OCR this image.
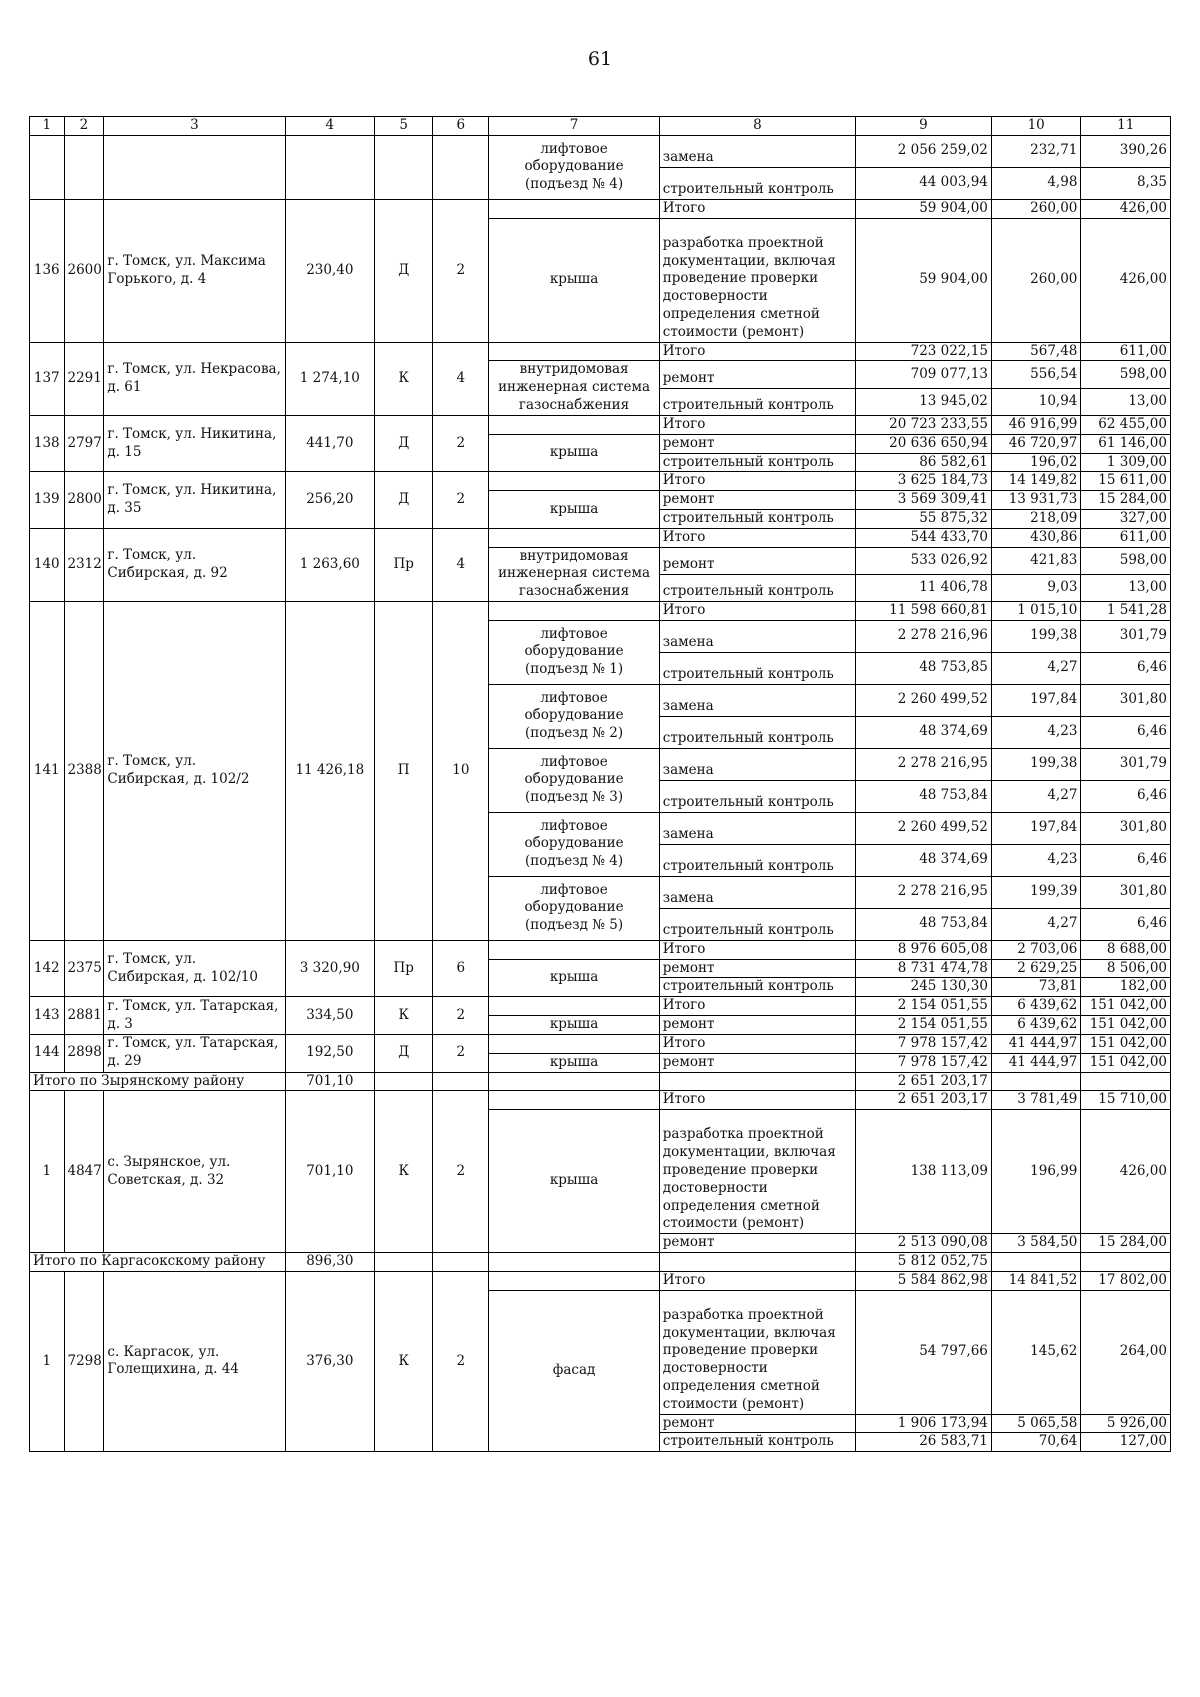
61
1	2	3	4	5	6	7	8	9	10	11
						лифтовое оборудование (подъезд № 4)	замена	2 056 259,02	232,71	390,26
							строительный контроль	44 003,94	4,98	8,35
136	2600	г. Томск, ул. Максима Горького, д. 4	230,40	Д	2		Итого	59 904,00	260,00	426,00
						крыша	разработка проектной документации, включая проведение проверки достоверности определения сметной стоимости (ремонт)	59 904,00	260,00	426,00
137	2291	г. Томск, ул. Некрасова, д. 61	1 274,10	К	4		Итого	723 022,15	567,48	611,00
						внутридомовая инженерная система газоснабжения	ремонт	709 077,13	556,54	598,00
							строительный контроль	13 945,02	10,94	13,00
138	2797	г. Томск, ул. Никитина, д. 15	441,70	Д	2		Итого	20 723 233,55	46 916,99	62 455,00
						крыша	ремонт	20 636 650,94	46 720,97	61 146,00
							строительный контроль	86 582,61	196,02	1 309,00
139	2800	г. Томск, ул. Никитина, д. 35	256,20	Д	2		Итого	3 625 184,73	14 149,82	15 611,00
						крыша	ремонт	3 569 309,41	13 931,73	15 284,00
							строительный контроль	55 875,32	218,09	327,00
140	2312	г. Томск, ул. Сибирская, д. 92	1 263,60	Пр	4		Итого	544 433,70	430,86	611,00
						внутридомовая инженерная система газоснабжения	ремонт	533 026,92	421,83	598,00
							строительный контроль	11 406,78	9,03	13,00
141	2388	г. Томск, ул. Сибирская, д. 102/2	11 426,18	П	10		Итого	11 598 660,81	1 015,10	1 541,28
						лифтовое оборудование (подъезд № 1)	замена	2 278 216,96	199,38	301,79
							строительный контроль	48 753,85	4,27	6,46
						лифтовое оборудование (подъезд № 2)	замена	2 260 499,52	197,84	301,80
							строительный контроль	48 374,69	4,23	6,46
						лифтовое оборудование (подъезд № 3)	замена	2 278 216,95	199,38	301,79
							строительный контроль	48 753,84	4,27	6,46
						лифтовое оборудование (подъезд № 4)	замена	2 260 499,52	197,84	301,80
							строительный контроль	48 374,69	4,23	6,46
						лифтовое оборудование (подъезд № 5)	замена	2 278 216,95	199,39	301,80
							строительный контроль	48 753,84	4,27	6,46
142	2375	г. Томск, ул. Сибирская, д. 102/10	3 320,90	Пр	6		Итого	8 976 605,08	2 703,06	8 688,00
						крыша	ремонт	8 731 474,78	2 629,25	8 506,00
							строительный контроль	245 130,30	73,81	182,00
143	2881	г. Томск, ул. Татарская, д. 3	334,50	К	2		Итого	2 154 051,55	6 439,62	151 042,00
						крыша	ремонт	2 154 051,55	6 439,62	151 042,00
144	2898	г. Томск, ул. Татарская, д. 29	192,50	Д	2		Итого	7 978 157,42	41 444,97	151 042,00
						крыша	ремонт	7 978 157,42	41 444,97	151 042,00
Итого по Зырянскому району			701,10					2 651 203,17		
1	4847	с. Зырянское, ул. Советская, д. 32	701,10	К	2		Итого	2 651 203,17	3 781,49	15 710,00
						крыша	разработка проектной документации, включая проведение проверки достоверности определения сметной стоимости (ремонт)	138 113,09	196,99	426,00
							ремонт	2 513 090,08	3 584,50	15 284,00
Итого по Каргасокскому району			896,30					5 812 052,75		
1	7298	с. Каргасок, ул. Голещихина, д. 44	376,30	К	2		Итого	5 584 862,98	14 841,52	17 802,00
						фасад	разработка проектной документации, включая проведение проверки достоверности определения сметной стоимости (ремонт)	54 797,66	145,62	264,00
							ремонт	1 906 173,94	5 065,58	5 926,00
							строительный контроль	26 583,71	70,64	127,00
